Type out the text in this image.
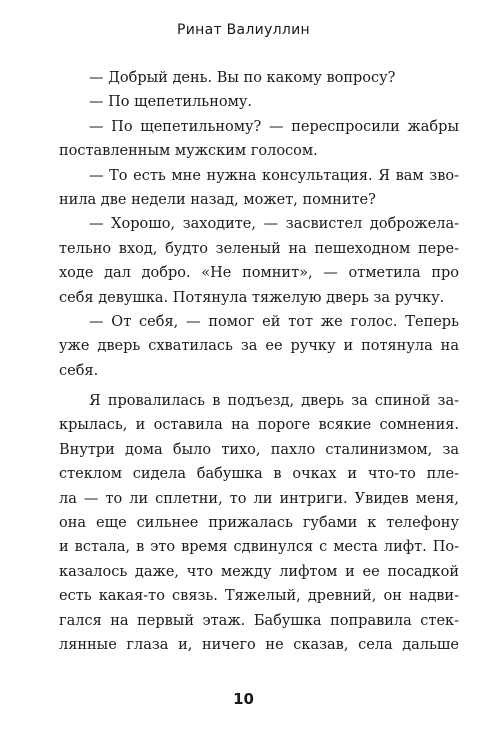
Ринат Валиуллин
— Добрый день. Вы по какому вопросу?
— По щепетильному.
— По щепетильному? — переспросили жабры
поставленным мужским голосом.
— То есть мне нужна консультация. Я вам зво-
нила две недели назад, может, помните?
— Хорошо, заходите, — засвистел доброжела-
тельно вход, будто зеленый на пешеходном пере-
ходе дал добро. «Не помнит», — отметила про
себя девушка. Потянула тяжелую дверь за ручку.
— От себя, — помог ей тот же голос. Теперь
уже дверь схватилась за ее ручку и потянула на
себя.
Я провалилась в подъезд, дверь за спиной за-
крылась, и оставила на пороге всякие сомнения.
Внутри дома было тихо, пахло сталинизмом, за
стеклом сидела бабушка в очках и что-то пле-
ла — то ли сплетни, то ли интриги. Увидев меня,
она еще сильнее прижалась губами к телефону
и встала, в это время сдвинулся с места лифт. По-
казалось даже, что между лифтом и ее посадкой
есть какая-то связь. Тяжелый, древний, он надви-
гался на первый этаж. Бабушка поправила стек-
лянные глаза и, ничего не сказав, села дальше
10
